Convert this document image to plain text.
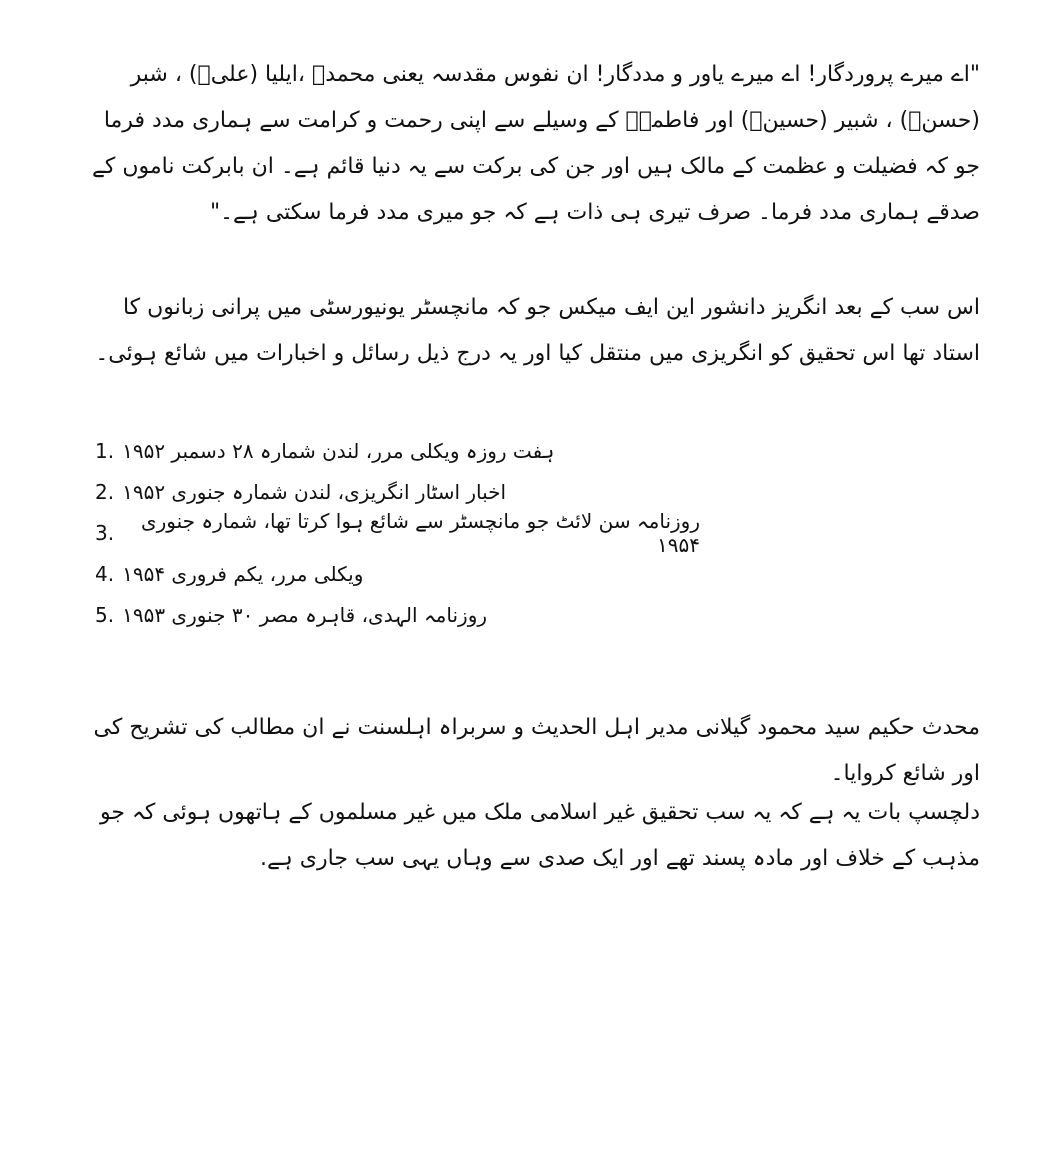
"اے میرے پروردگار! اے میرے یاور و مددگار! ان نفوس مقدسہ یعنی محمدؐ ،ایلیا (علیؑ) ، شبر (حسنؑ) ، شبیر (حسینؑ) اور فاطمہؑ کے وسیلے سے اپنی رحمت و کرامت سے ہماری مدد فرما جو کہ فضیلت و عظمت کے مالک ہیں اور جن کی برکت سے یہ دنیا قائم ہے۔ ان بابرکت ناموں کے صدقے ہماری مدد فرما۔ صرف تیری ہی ذات ہے کہ جو میری مدد فرما سکتی ہے۔"

اس سب کے بعد انگریز دانشور این ایف میکس جو کہ مانچسٹر یونیورسٹی میں پرانی زبانوں کا استاد تھا اس تحقیق کو انگریزی میں منتقل کیا اور یہ درج ذیل رسائل و اخبارات میں شائع ہوئی۔

1. ہفت روزہ ویکلی مرر، لندن شمارہ ۲۸ دسمبر ۱۹۵۲
2. اخبار اسٹار انگریزی، لندن شمارہ جنوری ۱۹۵۲
3.	روزنامہ سن لائٹ جو مانچسٹر سے شائع ہوا کرتا تھا، شمارہ جنوری ۱۹۵۴
4. ویکلی مرر، یکم فروری ۱۹۵۴
5. روزنامہ الہدی، قاہرہ مصر ۳۰ جنوری ۱۹۵۳

محدث حکیم سید محمود گیلانی مدیر اہل الحدیث و سربراہ اہلسنت نے ان مطالب کی تشریح کی اور شائع کروایا۔

دلچسپ بات یہ ہے کہ یہ سب تحقیق غیر اسلامی ملک میں غیر مسلموں کے ہاتھوں ہوئی کہ جو مذہب کے خلاف اور مادہ پسند تھے اور ایک صدی سے وہاں یہی سب جاری ہے.
